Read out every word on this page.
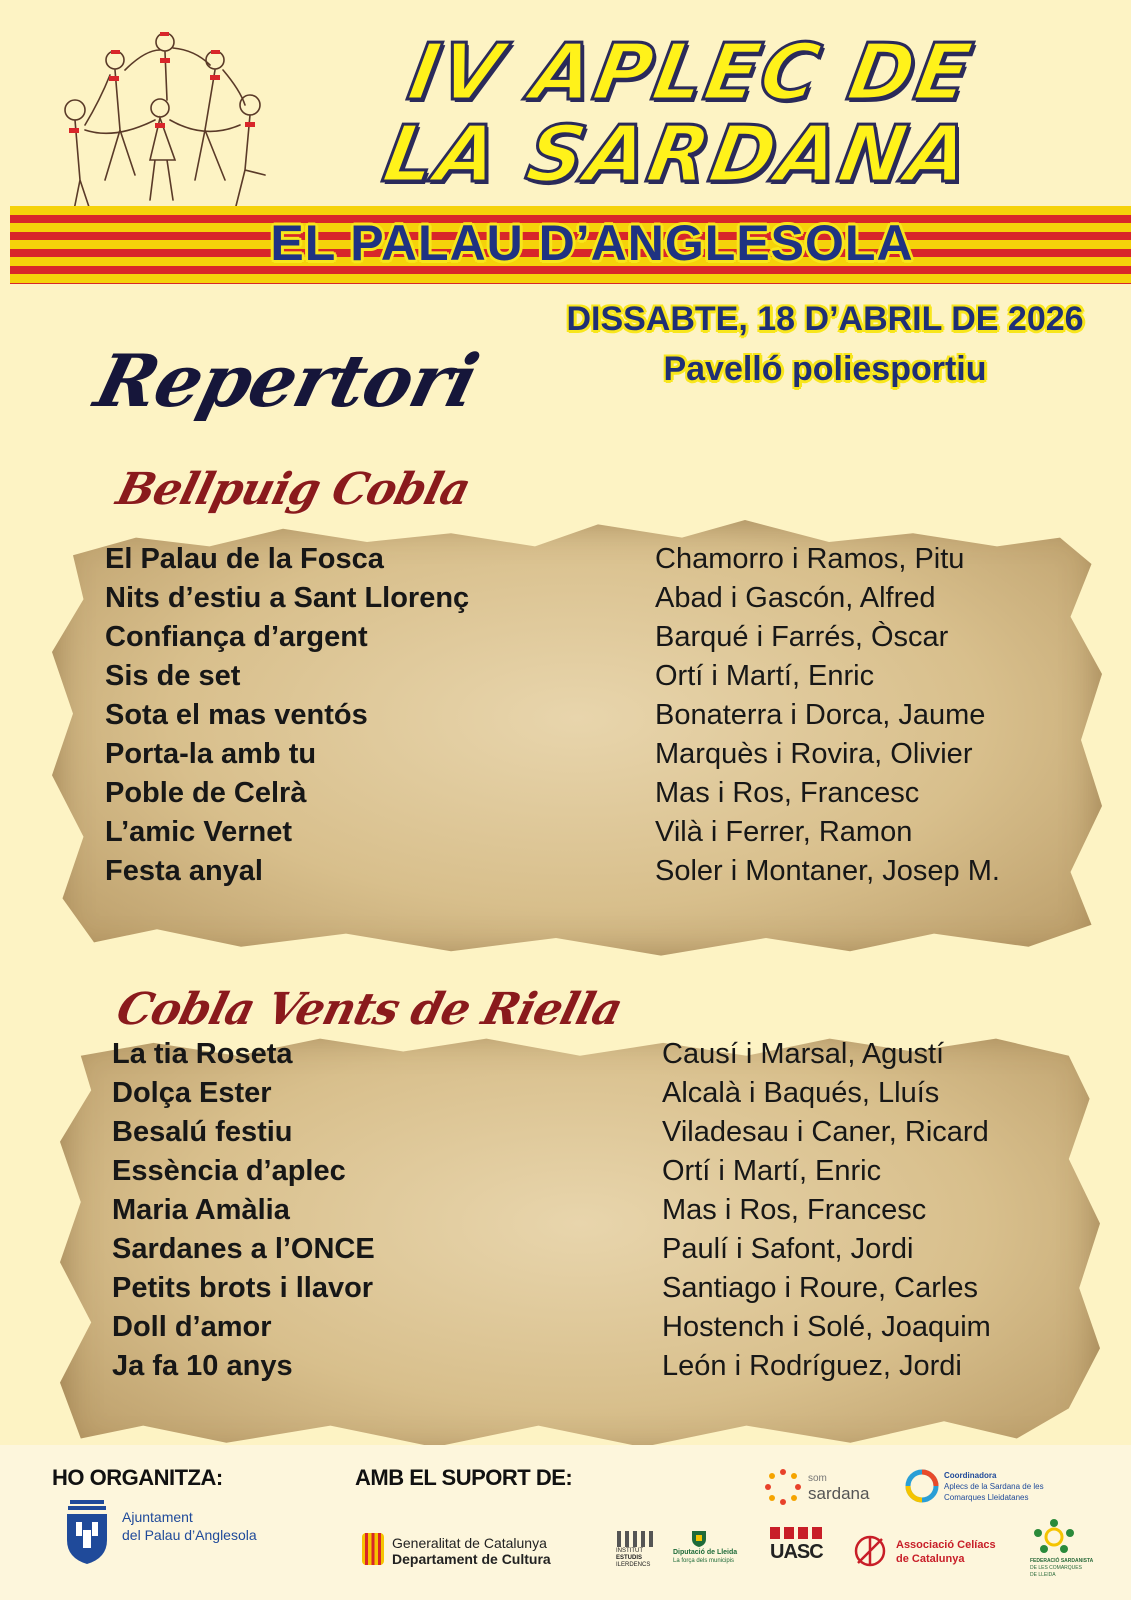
IV APLEC DE
LA SARDANA
EL PALAU D’ANGLESOLA
DISSABTE, 18 D’ABRIL DE 2026
Pavelló poliesportiu
Repertori
Bellpuig Cobla
El Palau de la Fosca	Chamorro i Ramos, Pitu
Nits d’estiu a Sant Llorenç	Abad i Gascón, Alfred
Confiança d’argent	Barqué i Farrés, Òscar
Sis de set	Ortí i Martí, Enric
Sota el mas ventós	Bonaterra i Dorca, Jaume
Porta-la amb tu	Marquès i Rovira, Olivier
Poble de Celrà	Mas i Ros, Francesc
L’amic Vernet	Vilà i Ferrer, Ramon
Festa anyal	Soler i Montaner, Josep M.
Cobla Vents de Riella
La tia Roseta	Causí i Marsal, Agustí
Dolça Ester	Alcalà i Baqués, Lluís
Besalú festiu	Viladesau i Caner, Ricard
Essència d’aplec	Ortí i Martí, Enric
Maria Amàlia	Mas i Ros, Francesc
Sardanes a l’ONCE	Paulí i Safont, Jordi
Petits brots i llavor	Santiago i Roure, Carles
Doll d’amor	Hostench i Solé, Joaquim
Ja fa 10 anys	León i Rodríguez, Jordi
HO ORGANITZA:	AMB EL SUPORT DE:
Ajuntament
del Palau d’Anglesola	Generalitat de Catalunya
Departament de Cultura	INSTITUT
ESTUDIS
ILERDENCS
Diputació de Lleida
La força dels municipis
som
sardana
Coordinadora
Aplecs de la Sardana de les
Comarques Lleidatanes
UASC	Associació Celíacs
de Catalunya	FEDERACIÓ SARDANISTA
DE LES COMARQUES
DE LLEIDA
